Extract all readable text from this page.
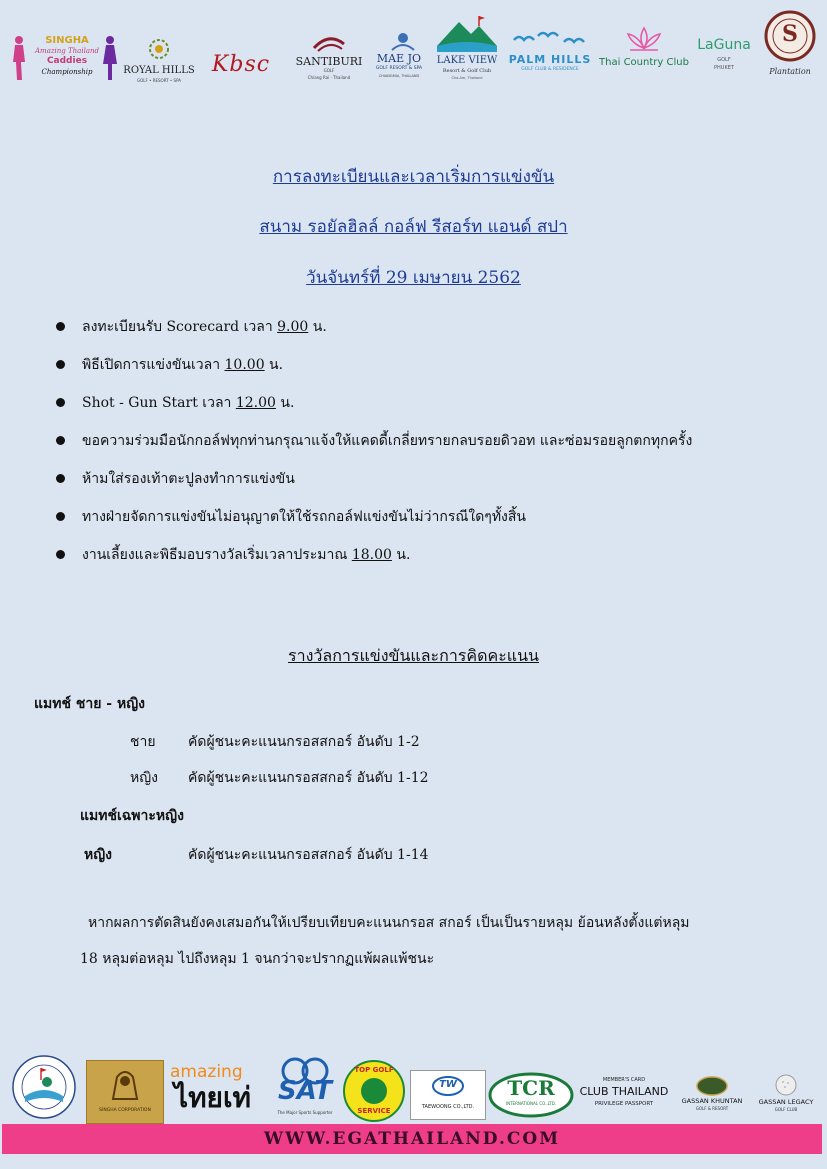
SINGHA
Amazing Thailand
Caddies
Championship	ROYAL HILLS
GOLF • RESORT • SPA
Kbsc	SANTIBURI
GOLF
Chiang Rai · Thailand
MAE JO
GOLF RESORT & SPA
CHIANGMAI, THAILAND
LAKE VIEW
Resort & Golf Club
Cha-Am, Thailand
PALM HILLS
GOLF CLUB & RESIDENCE
Thai Country Club
LaGuna
GOLF
PHUKET
S
Plantation
การลงทะเบียนและเวลาเริ่มการแข่งขัน
สนาม รอยัลฮิลล์ กอล์ฟ รีสอร์ท แอนด์ สปา
วันจันทร์ที่ 29 เมษายน 2562
ลงทะเบียนรับ Scorecard เวลา 9.00 น.
พิธีเปิดการแข่งขันเวลา 10.00 น.
Shot - Gun Start เวลา 12.00 น.
ขอความร่วมมือนักกอล์ฟทุกท่านกรุณาแจ้งให้แคดดี้เกลี่ยทรายกลบรอยดิวอท และซ่อมรอยลูกตกทุกครั้ง
ห้ามใส่รองเท้าตะปูลงทำการแข่งขัน
ทางฝ่ายจัดการแข่งขันไม่อนุญาตให้ใช้รถกอล์ฟแข่งขันไม่ว่ากรณีใดๆทั้งสิ้น
งานเลี้ยงและพิธีมอบรางวัลเริ่มเวลาประมาณ 18.00 น.
รางวัลการแข่งขันและการคิดคะแนน
แมทช์ ชาย - หญิง
ชาย คัดผู้ชนะคะแนนกรอสสกอร์ อันดับ 1-2
หญิง คัดผู้ชนะคะแนนกรอสสกอร์ อันดับ 1-12
แมทช์เฉพาะหญิง
หญิง	คัดผู้ชนะคะแนนกรอสสกอร์ อันดับ 1-14
หากผลการตัดสินยังคงเสมอกันให้เปรียบเทียบคะแนนกรอส สกอร์ เป็นเป็นรายหลุม ย้อนหลังตั้งแต่หลุม
18 หลุมต่อหลุม ไปถึงหลุม 1 จนกว่าจะปรากฏแพ้ผลแพ้ชนะ
SINGHA CORPORATION
amazing
ไทยเท่ SAT
The Major Sports Supporter
TOP GOLF
SERVICE
TW
TAEWOONG CO.,LTD.
TCR
INTERNATIONAL CO.,LTD.
MEMBER'S CARD
CLUB THAILAND
PRIVILEGE PASSPORT	GASSAN KHUNTAN
GOLF & RESORT
GASSAN LEGACY
GOLF CLUB
WWW.EGATHAILAND.COM
